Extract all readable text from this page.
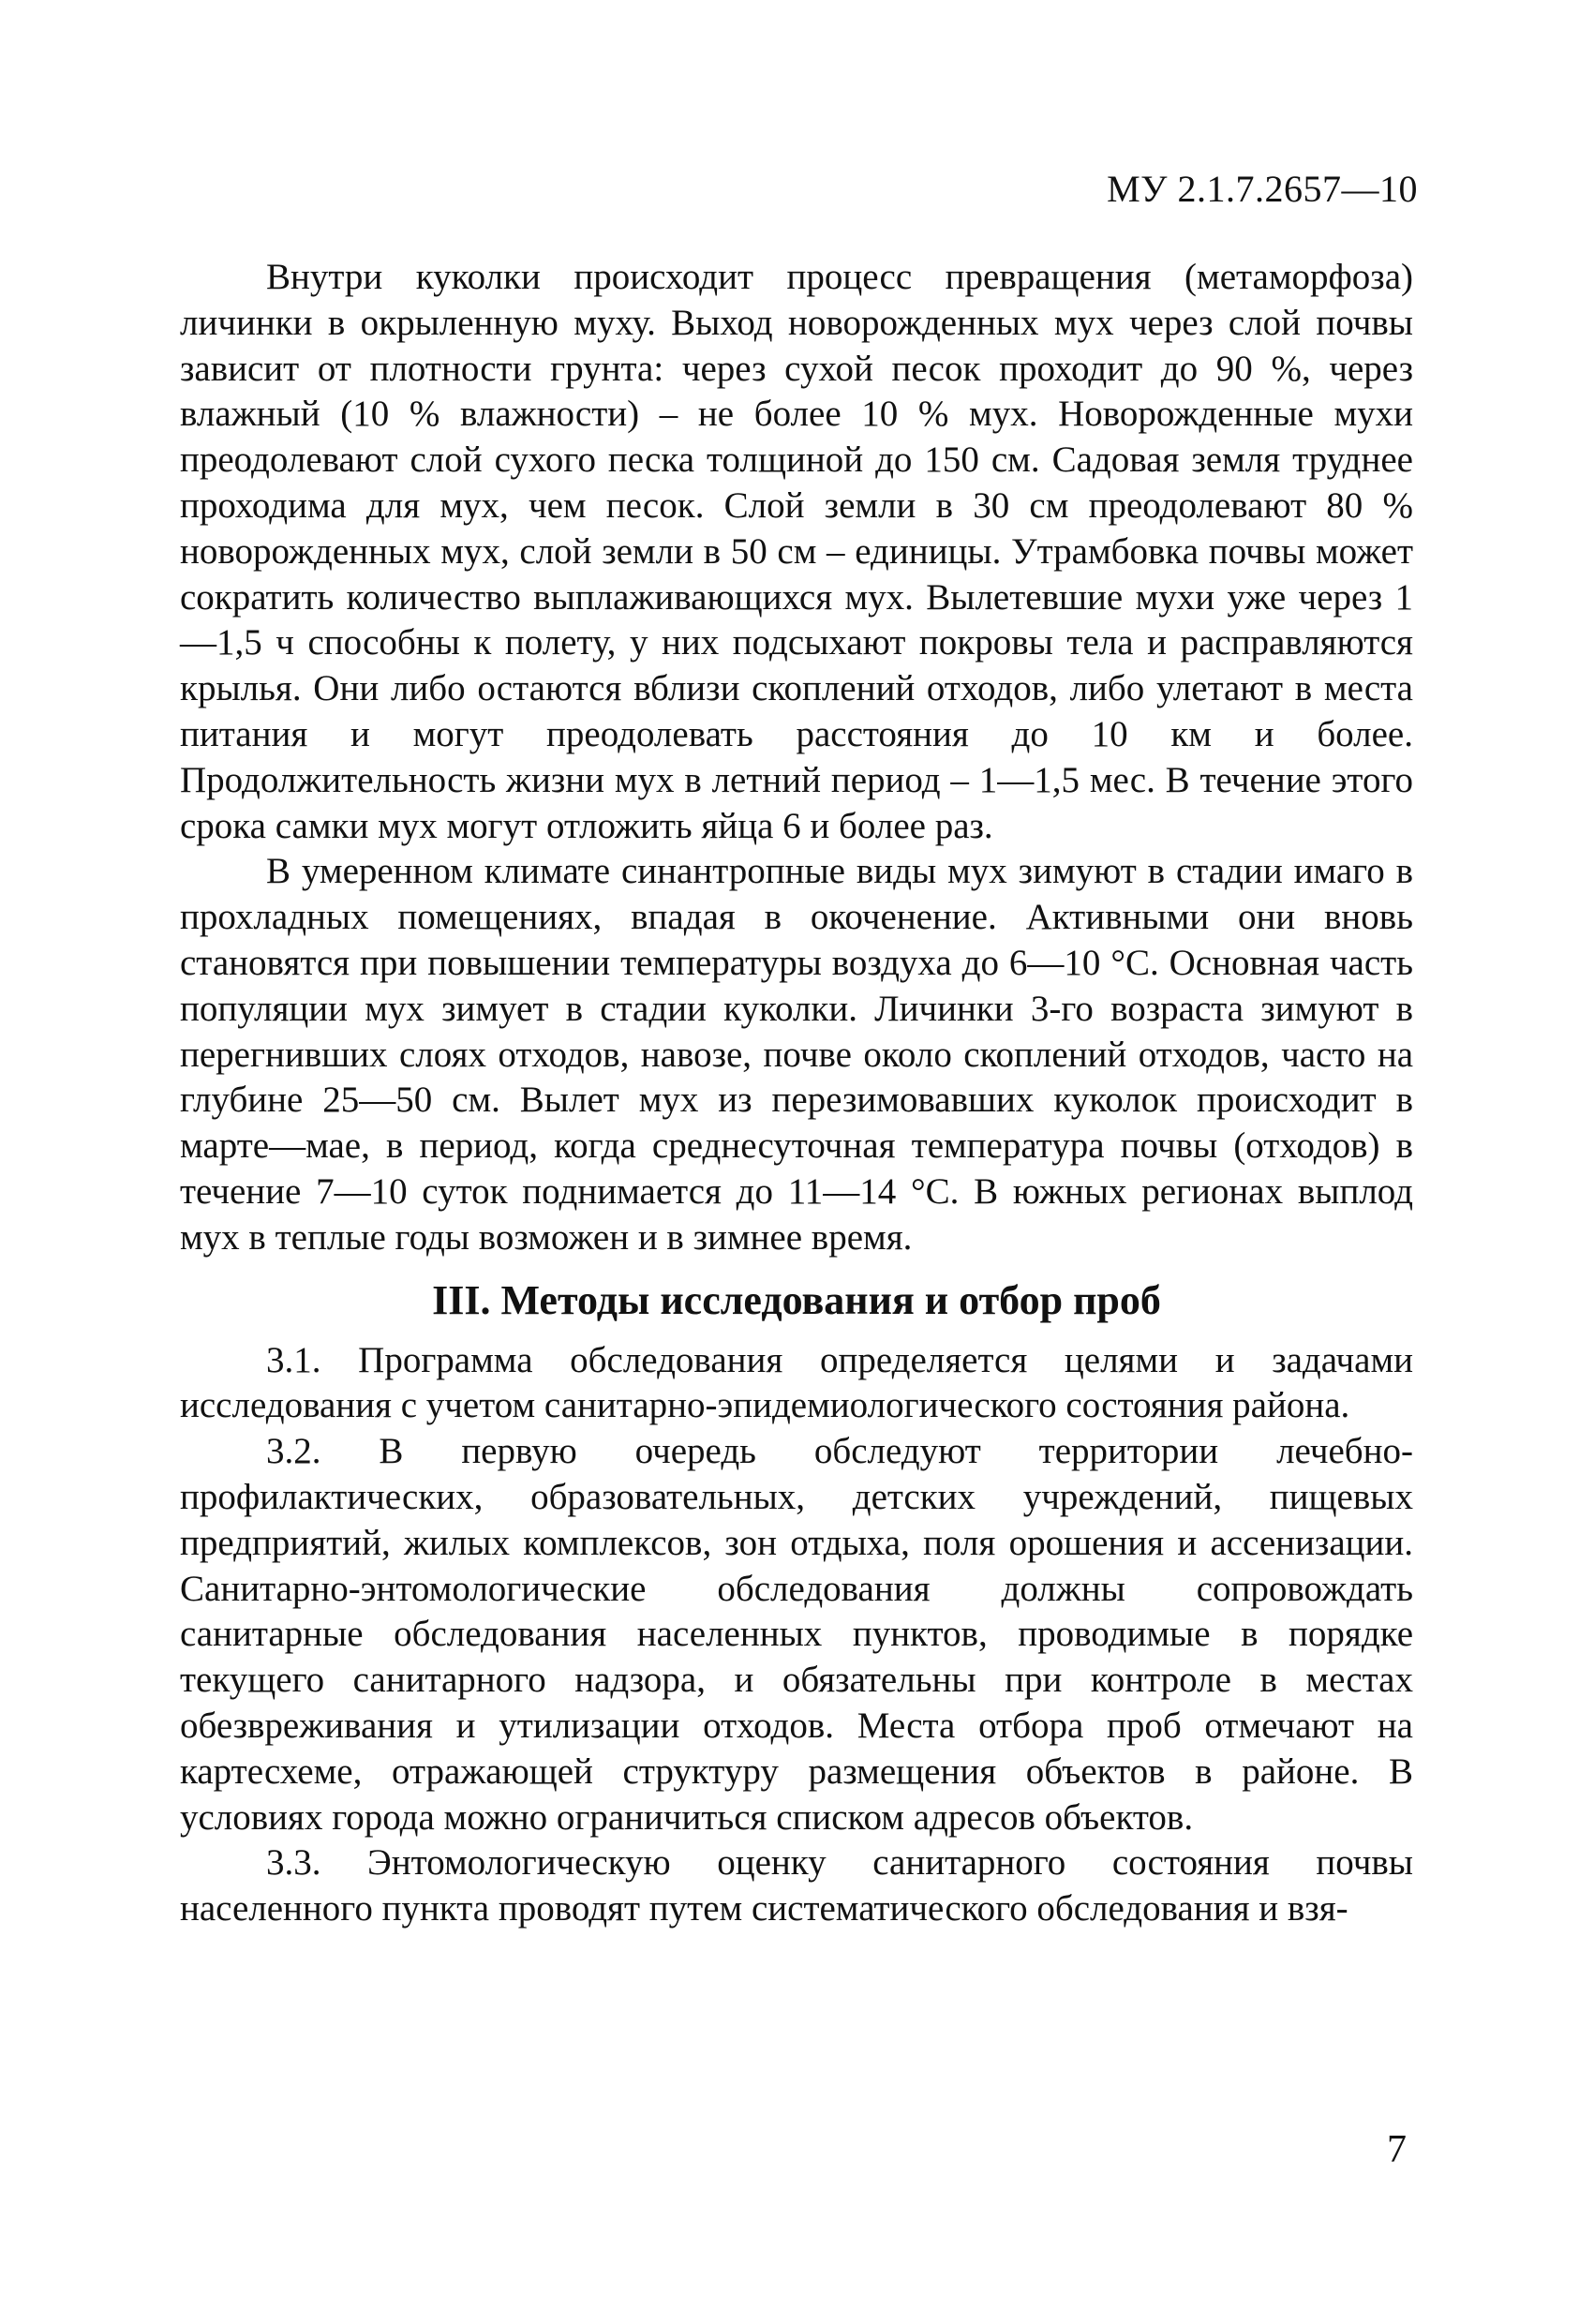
МУ 2.1.7.2657—10

Внутри куколки происходит процесс превращения (метаморфоза) личинки в окрыленную муху. Выход новорожденных мух через слой почвы зависит от плотности грунта: через сухой песок проходит до 90 %, через влажный (10 % влажности) – не более 10 % мух. Новорожденные мухи преодолевают слой сухого песка толщиной до 150 см. Садовая земля труднее проходима для мух, чем песок. Слой земли в 30 см преодолевают 80 % новорожденных мух, слой земли в 50 см – единицы. Утрамбовка почвы может сократить количество выплаживающихся мух. Вылетевшие мухи уже через 1—1,5 ч способны к полету, у них подсыхают покровы тела и расправляются крылья. Они либо остаются вблизи скоплений отходов, либо улетают в места питания и могут преодолевать расстояния до 10 км и более. Продолжительность жизни мух в летний период – 1—1,5 мес. В течение этого срока самки мух могут отложить яйца 6 и более раз.

В умеренном климате синантропные виды мух зимуют в стадии имаго в прохладных помещениях, впадая в окоченение. Активными они вновь становятся при повышении температуры воздуха до 6—10 °С. Основная часть популяции мух зимует в стадии куколки. Личинки 3-го возраста зимуют в перегнивших слоях отходов, навозе, почве около скоплений отходов, часто на глубине 25—50 см. Вылет мух из перезимовавших куколок происходит в марте—мае, в период, когда среднесуточная температура почвы (отходов) в течение 7—10 суток поднимается до 11—14 °С. В южных регионах выплод мух в теплые годы возможен и в зимнее время.

III. Методы исследования и отбор проб

3.1. Программа обследования определяется целями и задачами исследования с учетом санитарно-эпидемиологического состояния района.

3.2. В первую очередь обследуют территории лечебно-профилактических, образовательных, детских учреждений, пищевых предприятий, жилых комплексов, зон отдыха, поля орошения и ассенизации. Санитарно-энтомологические обследования должны сопровождать санитарные обследования населенных пунктов, проводимые в порядке текущего санитарного надзора, и обязательны при контроле в местах обезвреживания и утилизации отходов. Места отбора проб отмечают на картесхеме, отражающей структуру размещения объектов в районе. В условиях города можно ограничиться списком адресов объектов.

3.3. Энтомологическую оценку санитарного состояния почвы населенного пункта проводят путем систематического обследования и взя-

7
